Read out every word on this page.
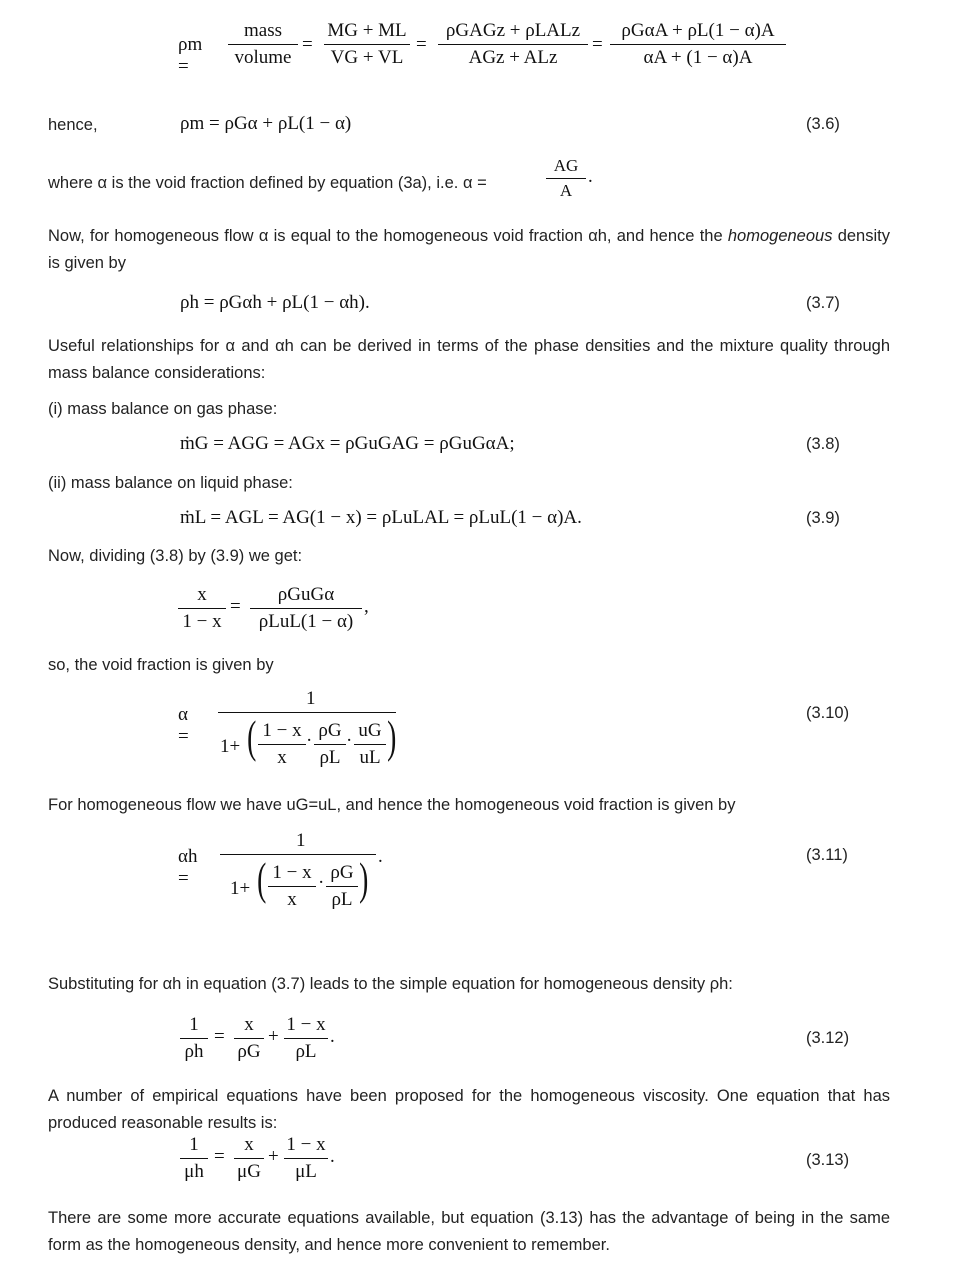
ρm =
mass
volume
= $\frac{MG + ML}{VG + VL}$ =
ρGAGz + ρLALz
AGz + ALz
=
ρGαA + ρL(1 − α)A
αA + (1 − α)A
hence,	ρm = ρGα + ρL(1 − α)	(3.6)
where α is the void fraction defined by equation (3a), i.e. α =	$\frac{AG}{A}$ .
Now, for homogeneous flow α is equal to the homogeneous void fraction αh, and hence the homogeneous density is given by
ρh = ρGαh + ρL(1 − αh).	(3.7)
Useful relationships for α and αh can be derived in terms of the phase densities and the mixture quality through mass balance considerations:
(i) mass balance on gas phase:
ṁG = AGG = AGx = ρGuGAG = ρGuGαA;	(3.8)
(ii) mass balance on liquid phase:
ṁL = AGL = AG(1 − x) = ρLuLAL = ρLuL(1 − α)A.	(3.9)
Now, dividing (3.8) by (3.9) we get:
$\frac{x}{1 - x}$ =
ρGuGα
ρLuL(1 − α)
,
so, the void fraction is given by
α =
1
1+ ( $\frac{1 - x}{x} \cdot \frac{\rho G}{\rho L} \cdot \frac{uG}{uL}$ )	(3.10)
For homogeneous flow we have uG=uL, and hence the homogeneous void fraction is given by
αh =
1
.
1+ ( $\frac{1 - x}{x} \cdot \frac{\rho G}{\rho L}$ )	(3.11)
Substituting for αh in equation (3.7) leads to the simple equation for homogeneous density ρh:
$\frac{1}{\rho h} = \frac{x}{\rho G} + \frac{1 - x}{\rho L}$ .	(3.12)
A number of empirical equations have been proposed for the homogeneous viscosity. One equation that has produced reasonable results is:
$\frac{1}{\mu h} = \frac{x}{\mu G} + \frac{1 - x}{\mu L}$ .	(3.13)
There are some more accurate equations available, but equation (3.13) has the advantage of being in the same form as the homogeneous density, and hence more convenient to remember.
